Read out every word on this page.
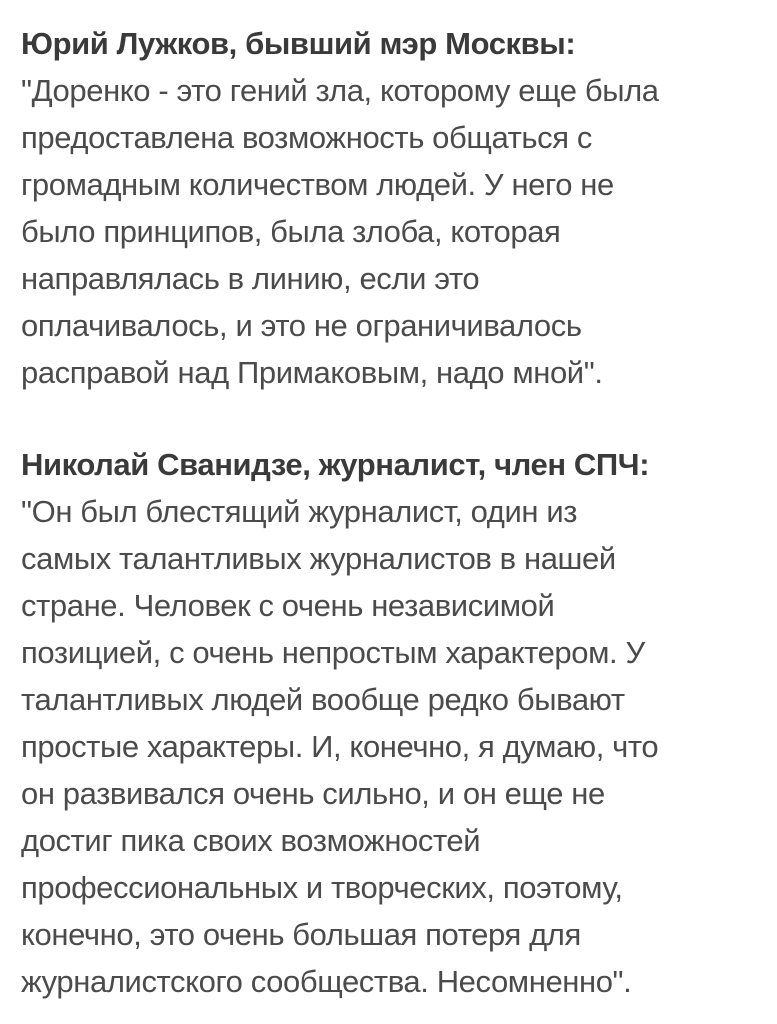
Юрий Лужков, бывший мэр Москвы:
"Доренко - это гений зла, которому еще была
предоставлена возможность общаться с
громадным количеством людей. У него не
было принципов, была злоба, которая
направлялась в линию, если это
оплачивалось, и это не ограничивалось
расправой над Примаковым, надо мной".
Николай Сванидзе, журналист, член СПЧ:
"Он был блестящий журналист, один из
самых талантливых журналистов в нашей
стране. Человек с очень независимой
позицией, с очень непростым характером. У
талантливых людей вообще редко бывают
простые характеры. И, конечно, я думаю, что
он развивался очень сильно, и он еще не
достиг пика своих возможностей
профессиональных и творческих, поэтому,
конечно, это очень большая потеря для
журналистского сообщества. Несомненно".
